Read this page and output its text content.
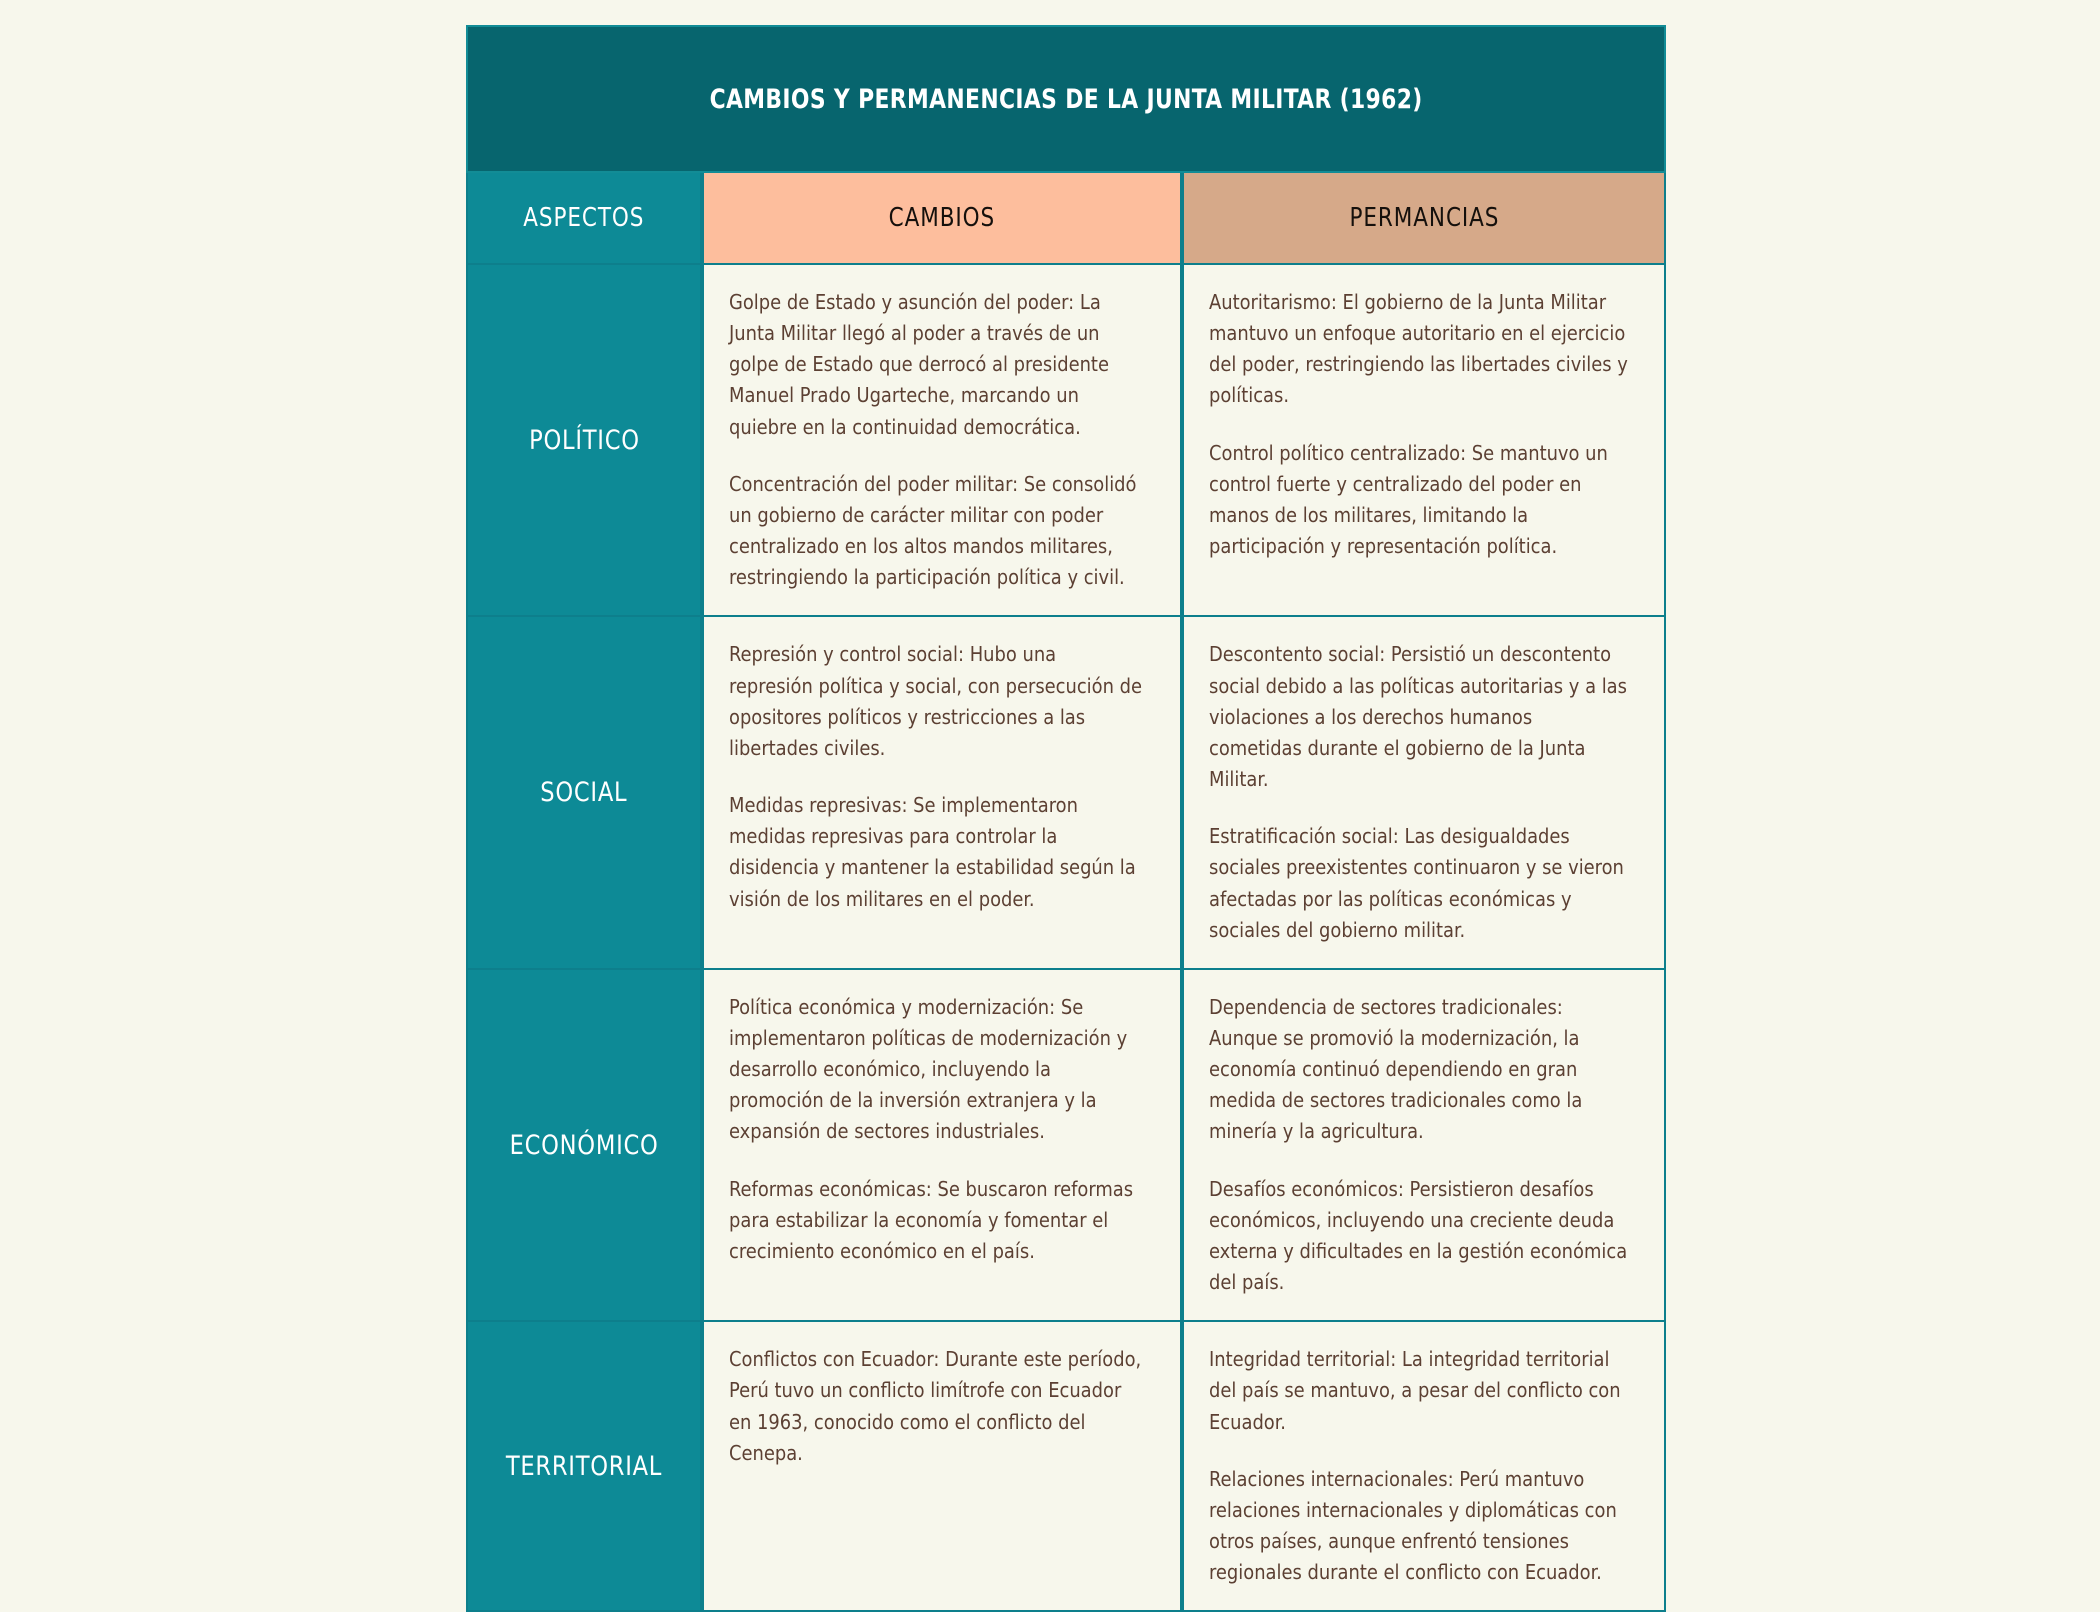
CAMBIOS Y PERMANENCIAS DE LA JUNTA MILITAR (1962)
ASPECTOS	CAMBIOS	PERMANCIAS
POLÍTICO

Golpe de Estado y asunción del poder: La Junta Militar llegó al poder a través de un golpe de Estado que derrocó al presidente Manuel Prado Ugarteche, marcando un quiebre en la continuidad democrática.

Concentración del poder militar: Se consolidó un gobierno de carácter militar con poder centralizado en los altos mandos militares, restringiendo la participación política y civil.

Autoritarismo: El gobierno de la Junta Militar mantuvo un enfoque autoritario en el ejercicio del poder, restringiendo las libertades civiles y políticas.

Control político centralizado: Se mantuvo un control fuerte y centralizado del poder en manos de los militares, limitando la participación y representación política.

SOCIAL

Represión y control social: Hubo una represión política y social, con persecución de opositores políticos y restricciones a las libertades civiles.

Medidas represivas: Se implementaron medidas represivas para controlar la disidencia y mantener la estabilidad según la visión de los militares en el poder.

Descontento social: Persistió un descontento social debido a las políticas autoritarias y a las violaciones a los derechos humanos cometidas durante el gobierno de la Junta Militar.

Estratificación social: Las desigualdades sociales preexistentes continuaron y se vieron afectadas por las políticas económicas y sociales del gobierno militar.

ECONÓMICO

Política económica y modernización: Se implementaron políticas de modernización y desarrollo económico, incluyendo la promoción de la inversión extranjera y la expansión de sectores industriales.

Reformas económicas: Se buscaron reformas para estabilizar la economía y fomentar el crecimiento económico en el país.

Dependencia de sectores tradicionales: Aunque se promovió la modernización, la economía continuó dependiendo en gran medida de sectores tradicionales como la minería y la agricultura.

Desafíos económicos: Persistieron desafíos económicos, incluyendo una creciente deuda externa y dificultades en la gestión económica del país.

TERRITORIAL

Conflictos con Ecuador: Durante este período, Perú tuvo un conflicto limítrofe con Ecuador en 1963, conocido como el conflicto del Cenepa.

Integridad territorial: La integridad territorial del país se mantuvo, a pesar del conflicto con Ecuador.

Relaciones internacionales: Perú mantuvo relaciones internacionales y diplomáticas con otros países, aunque enfrentó tensiones regionales durante el conflicto con Ecuador.
